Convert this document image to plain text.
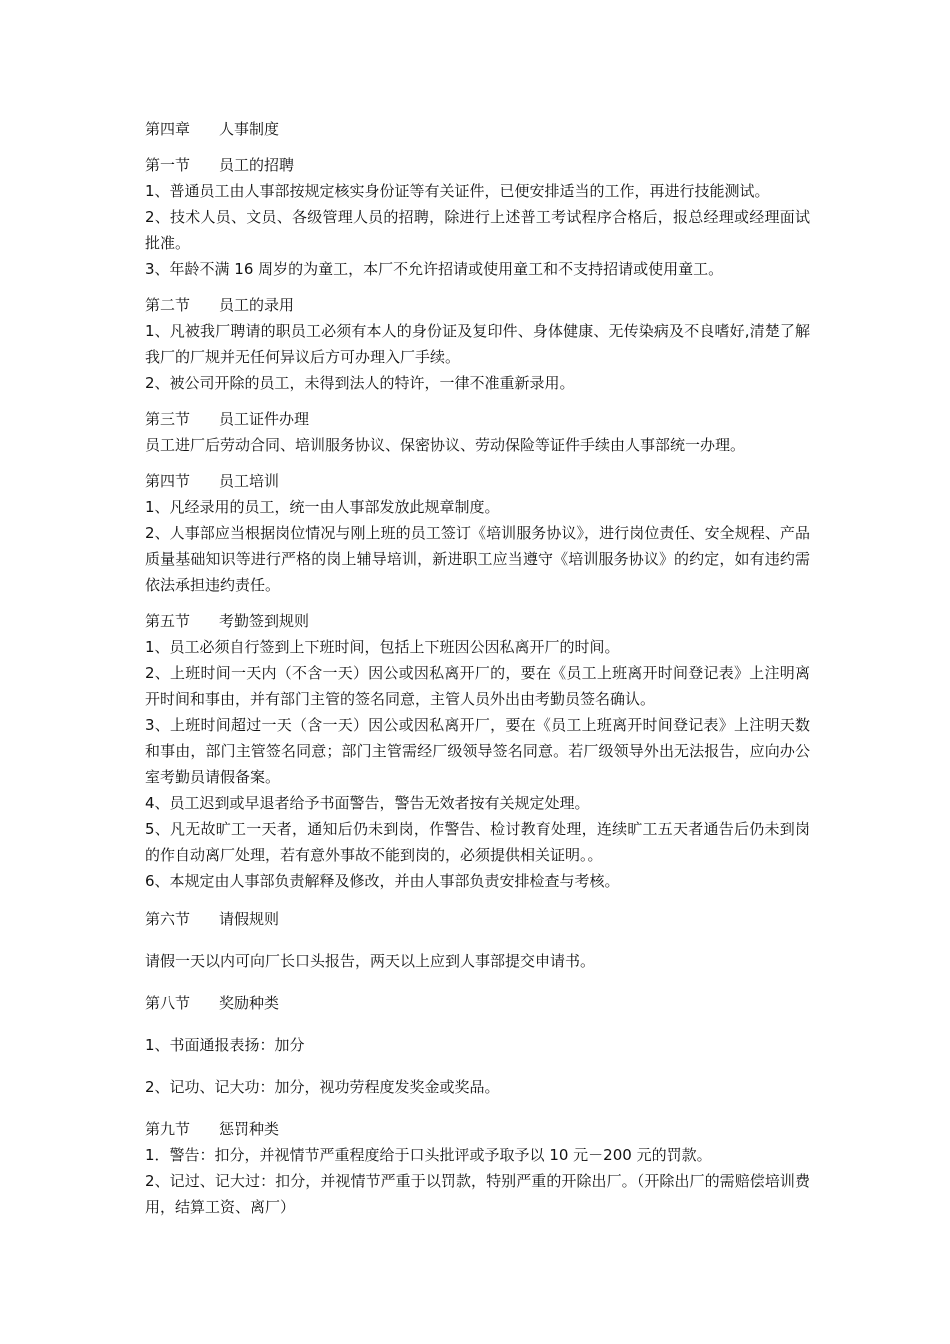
第四章 人事制度

第一节 员工的招聘

1、普通员工由人事部按规定核实身份证等有关证件，已便安排适当的工作，再进行技能测试。

2、技术人员、文员、各级管理人员的招聘，除进行上述普工考试程序合格后，报总经理或经理面试批准。

3、年龄不满 16 周岁的为童工，本厂不允许招请或使用童工和不支持招请或使用童工。

第二节 员工的录用

1、凡被我厂聘请的职员工必须有本人的身份证及复印件、身体健康、无传染病及不良嗜好,清楚了解我厂的厂规并无任何异议后方可办理入厂手续。

2、被公司开除的员工，未得到法人的特许，一律不准重新录用。

第三节 员工证件办理

员工进厂后劳动合同、培训服务协议、保密协议、劳动保险等证件手续由人事部统一办理。

第四节 员工培训

1、凡经录用的员工，统一由人事部发放此规章制度。

2、人事部应当根据岗位情况与刚上班的员工签订《培训服务协议》，进行岗位责任、安全规程、产品质量基础知识等进行严格的岗上辅导培训，新进职工应当遵守《培训服务协议》的约定，如有违约需依法承担违约责任。

第五节 考勤签到规则

1、员工必须自行签到上下班时间，包括上下班因公因私离开厂的时间。

2、上班时间一天内（不含一天）因公或因私离开厂的，要在《员工上班离开时间登记表》上注明离开时间和事由，并有部门主管的签名同意，主管人员外出由考勤员签名确认。

3、上班时间超过一天（含一天）因公或因私离开厂，要在《员工上班离开时间登记表》上注明天数和事由，部门主管签名同意；部门主管需经厂级领导签名同意。若厂级领导外出无法报告，应向办公室考勤员请假备案。

4、员工迟到或早退者给予书面警告，警告无效者按有关规定处理。

5、凡无故旷工一天者，通知后仍未到岗，作警告、检讨教育处理，连续旷工五天者通告后仍未到岗的作自动离厂处理，若有意外事故不能到岗的，必须提供相关证明。。

6、本规定由人事部负责解释及修改，并由人事部负责安排检查与考核。

第六节 请假规则

请假一天以内可向厂长口头报告，两天以上应到人事部提交申请书。

第八节 奖励种类

1、书面通报表扬：加分

2、记功、记大功：加分，视功劳程度发奖金或奖品。

第九节 惩罚种类

1．警告：扣分，并视情节严重程度给于口头批评或予取予以 10 元－200 元的罚款。

2、记过、记大过：扣分，并视情节严重于以罚款，特别严重的开除出厂。（开除出厂的需赔偿培训费用，结算工资、离厂）
